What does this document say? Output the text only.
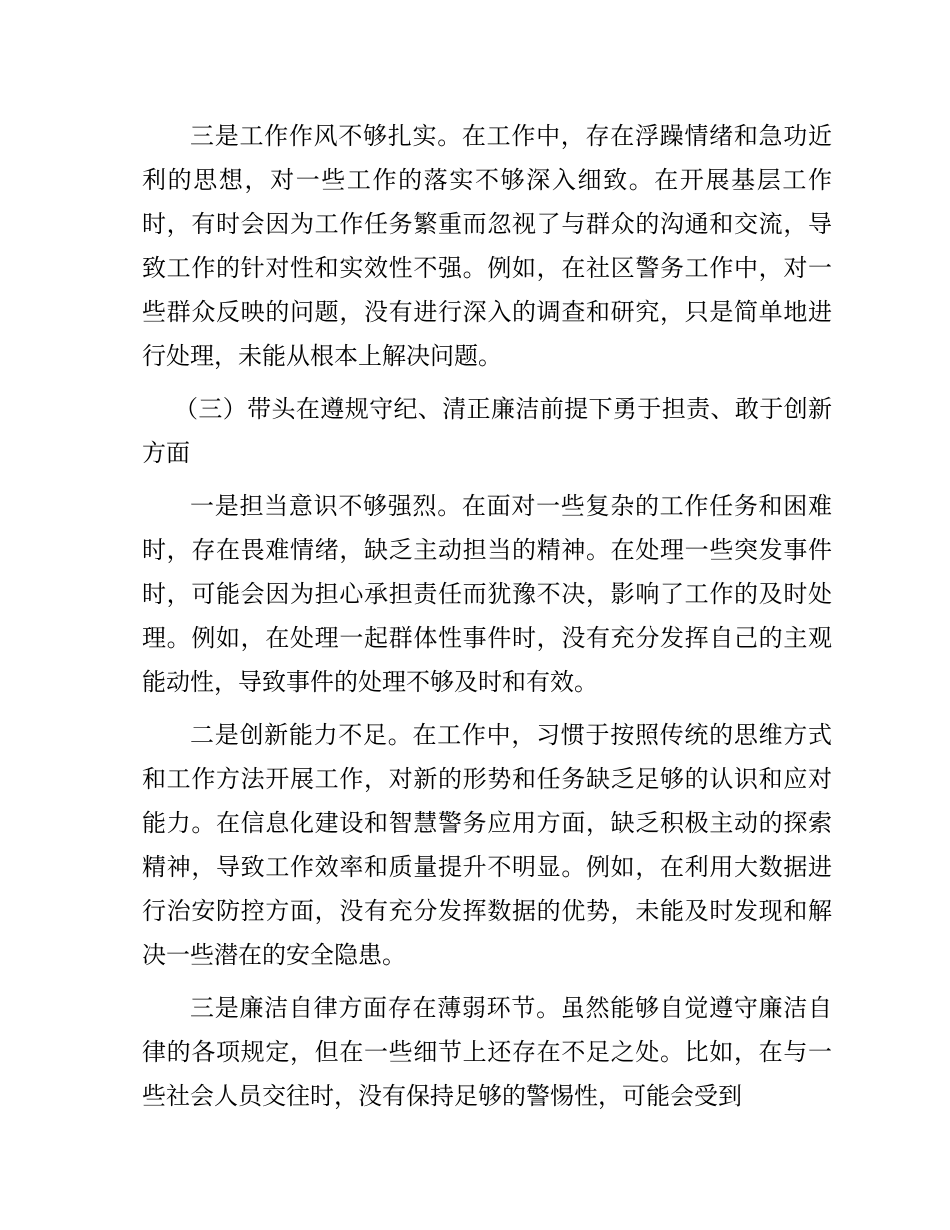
三是工作作风不够扎实。在工作中，存在浮躁情绪和急功近利的思想，对一些工作的落实不够深入细致。在开展基层工作时，有时会因为工作任务繁重而忽视了与群众的沟通和交流，导致工作的针对性和实效性不强。例如，在社区警务工作中，对一些群众反映的问题，没有进行深入的调查和研究，只是简单地进行处理，未能从根本上解决问题。

（三）带头在遵规守纪、清正廉洁前提下勇于担责、敢于创新方面

一是担当意识不够强烈。在面对一些复杂的工作任务和困难时，存在畏难情绪，缺乏主动担当的精神。在处理一些突发事件时，可能会因为担心承担责任而犹豫不决，影响了工作的及时处理。例如，在处理一起群体性事件时，没有充分发挥自己的主观能动性，导致事件的处理不够及时和有效。

二是创新能力不足。在工作中，习惯于按照传统的思维方式和工作方法开展工作，对新的形势和任务缺乏足够的认识和应对能力。在信息化建设和智慧警务应用方面，缺乏积极主动的探索精神，导致工作效率和质量提升不明显。例如，在利用大数据进行治安防控方面，没有充分发挥数据的优势，未能及时发现和解决一些潜在的安全隐患。

三是廉洁自律方面存在薄弱环节。虽然能够自觉遵守廉洁自律的各项规定，但在一些细节上还存在不足之处。比如，在与一些社会人员交往时，没有保持足够的警惕性，可能会受到
